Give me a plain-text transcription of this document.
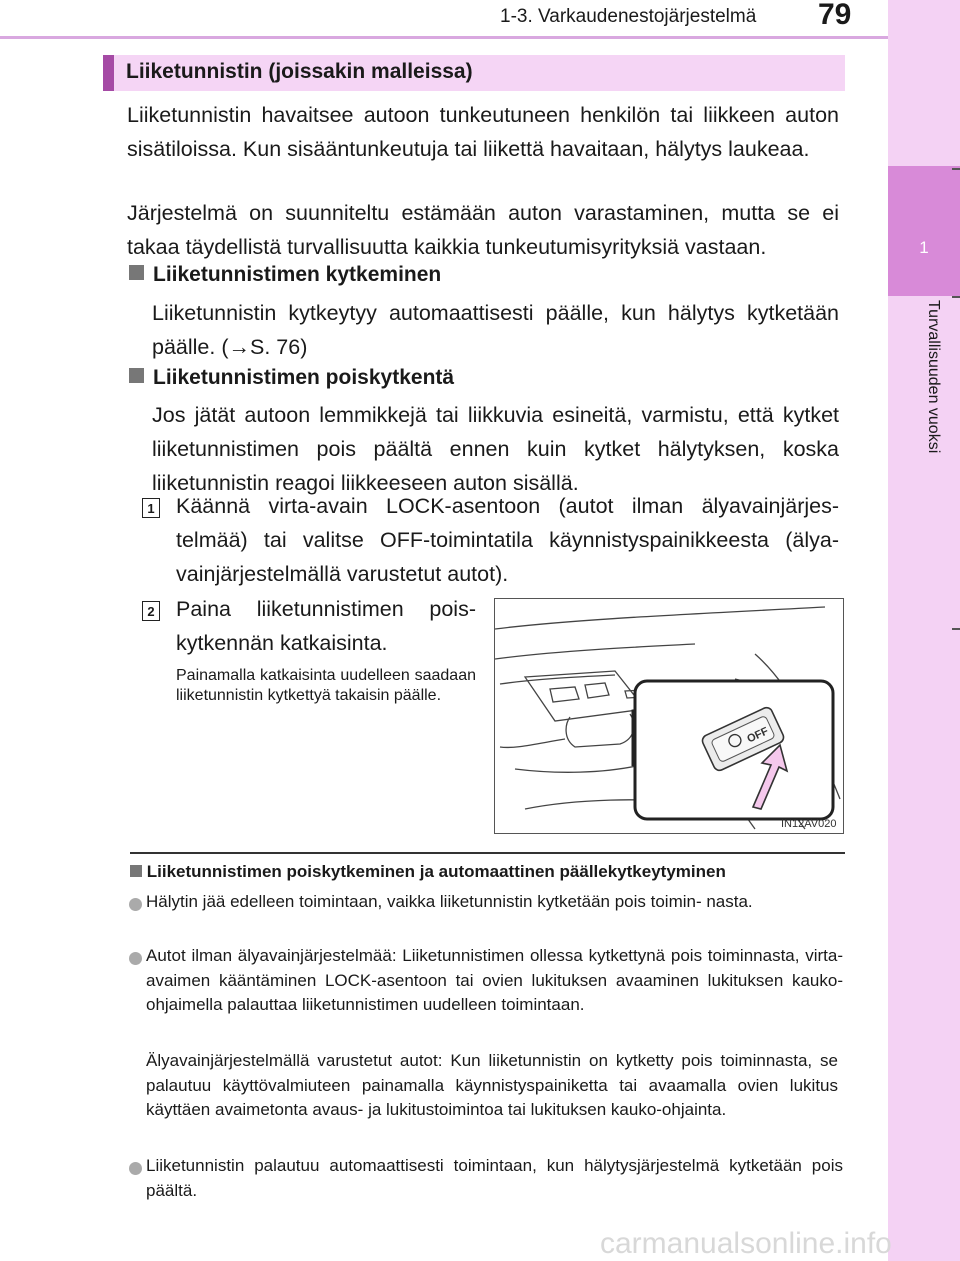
1-3. Varkaudenestojärjestelmä 79
1
Turvallisuuden vuoksi
Liiketunnistin (joissakin malleissa)
Liiketunnistin havaitsee autoon tunkeutuneen henkilön tai liikkeen auton sisätiloissa. Kun sisääntunkeutuja tai liikettä havaitaan, hälytys laukeaa.
Järjestelmä on suunniteltu estämään auton varastaminen, mutta se ei takaa täydellistä turvallisuutta kaikkia tunkeutumisyrityksiä vastaan.
Liiketunnistimen kytkeminen
Liiketunnistin kytkeytyy automaattisesti päälle, kun hälytys kytketään päälle. (→S. 76)
Liiketunnistimen poiskytkentä
Jos jätät autoon lemmikkejä tai liikkuvia esineitä, varmistu, että kytket liiketunnistimen pois päältä ennen kuin kytket hälytyksen, koska liiketunnistin reagoi liikkeeseen auton sisällä.
1 Käännä virta-avain LOCK-asentoon (autot ilman älyavainjärjes- telmää) tai valitse OFF-toimintatila käynnistyspainikkeesta (älya- vainjärjestelmällä varustetut autot).
2 Paina liiketunnistimen pois- kytkennän katkaisinta.
Painamalla katkaisinta uudelleen saadaan liiketunnistin kytkettyä takaisin päälle.
OFF
IN12AV020
Liiketunnistimen poiskytkeminen ja automaattinen päällekytkeytyminen
Hälytin jää edelleen toimintaan, vaikka liiketunnistin kytketään pois toimin- nasta.
Autot ilman älyavainjärjestelmää: Liiketunnistimen ollessa kytkettynä pois toiminnasta, virta-avaimen kääntäminen LOCK-asentoon tai ovien lukituksen avaaminen lukituksen kauko-ohjaimella palauttaa liiketunnistimen uudelleen toimintaan.
Älyavainjärjestelmällä varustetut autot: Kun liiketunnistin on kytketty pois toiminnasta, se palautuu käyttövalmiuteen painamalla käynnistyspainiketta tai avaamalla ovien lukitus käyttäen avaimetonta avaus- ja lukitustoimintoa tai lukituksen kauko-ohjainta.
Liiketunnistin palautuu automaattisesti toimintaan, kun hälytysjärjestelmä kytketään pois päältä.
carmanualsonline.info
